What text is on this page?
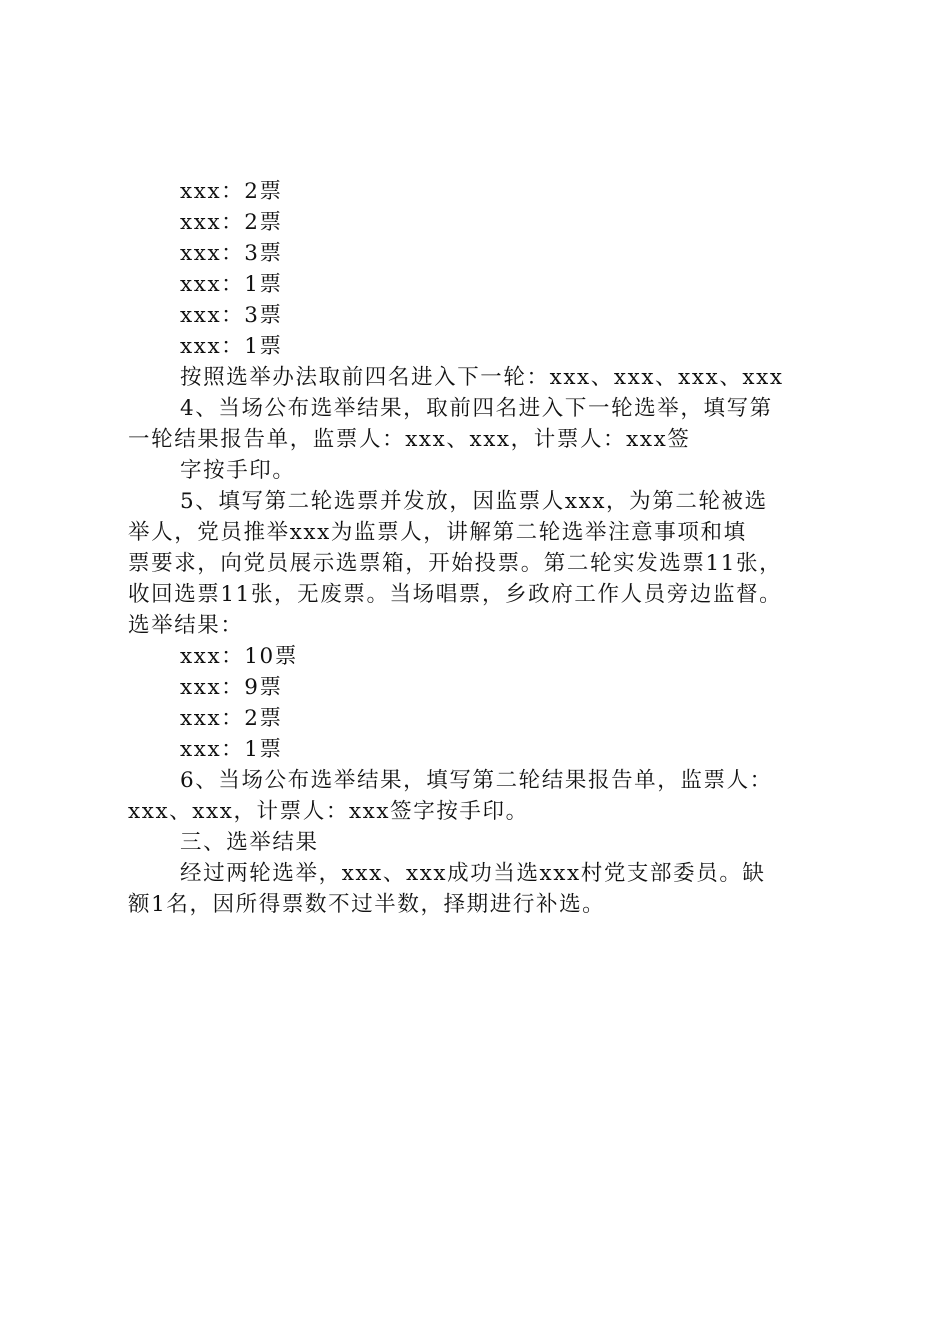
xxx：2票
xxx：2票
xxx：3票
xxx：1票
xxx：3票
xxx：1票
按照选举办法取前四名进入下一轮：xxx、xxx、xxx、xxx
4、当场公布选举结果，取前四名进入下一轮选举，填写第
一轮结果报告单，监票人：xxx、xxx，计票人：xxx签
字按手印。
5、填写第二轮选票并发放，因监票人xxx，为第二轮被选
举人，党员推举xxx为监票人，讲解第二轮选举注意事项和填
票要求，向党员展示选票箱，开始投票。第二轮实发选票11张，
收回选票11张，无废票。当场唱票，乡政府工作人员旁边监督。
选举结果：
xxx：10票
xxx：9票
xxx：2票
xxx：1票
6、当场公布选举结果，填写第二轮结果报告单，监票人：
xxx、xxx，计票人：xxx签字按手印。
三、选举结果
经过两轮选举，xxx、xxx成功当选xxx村党支部委员。缺
额1名，因所得票数不过半数，择期进行补选。
